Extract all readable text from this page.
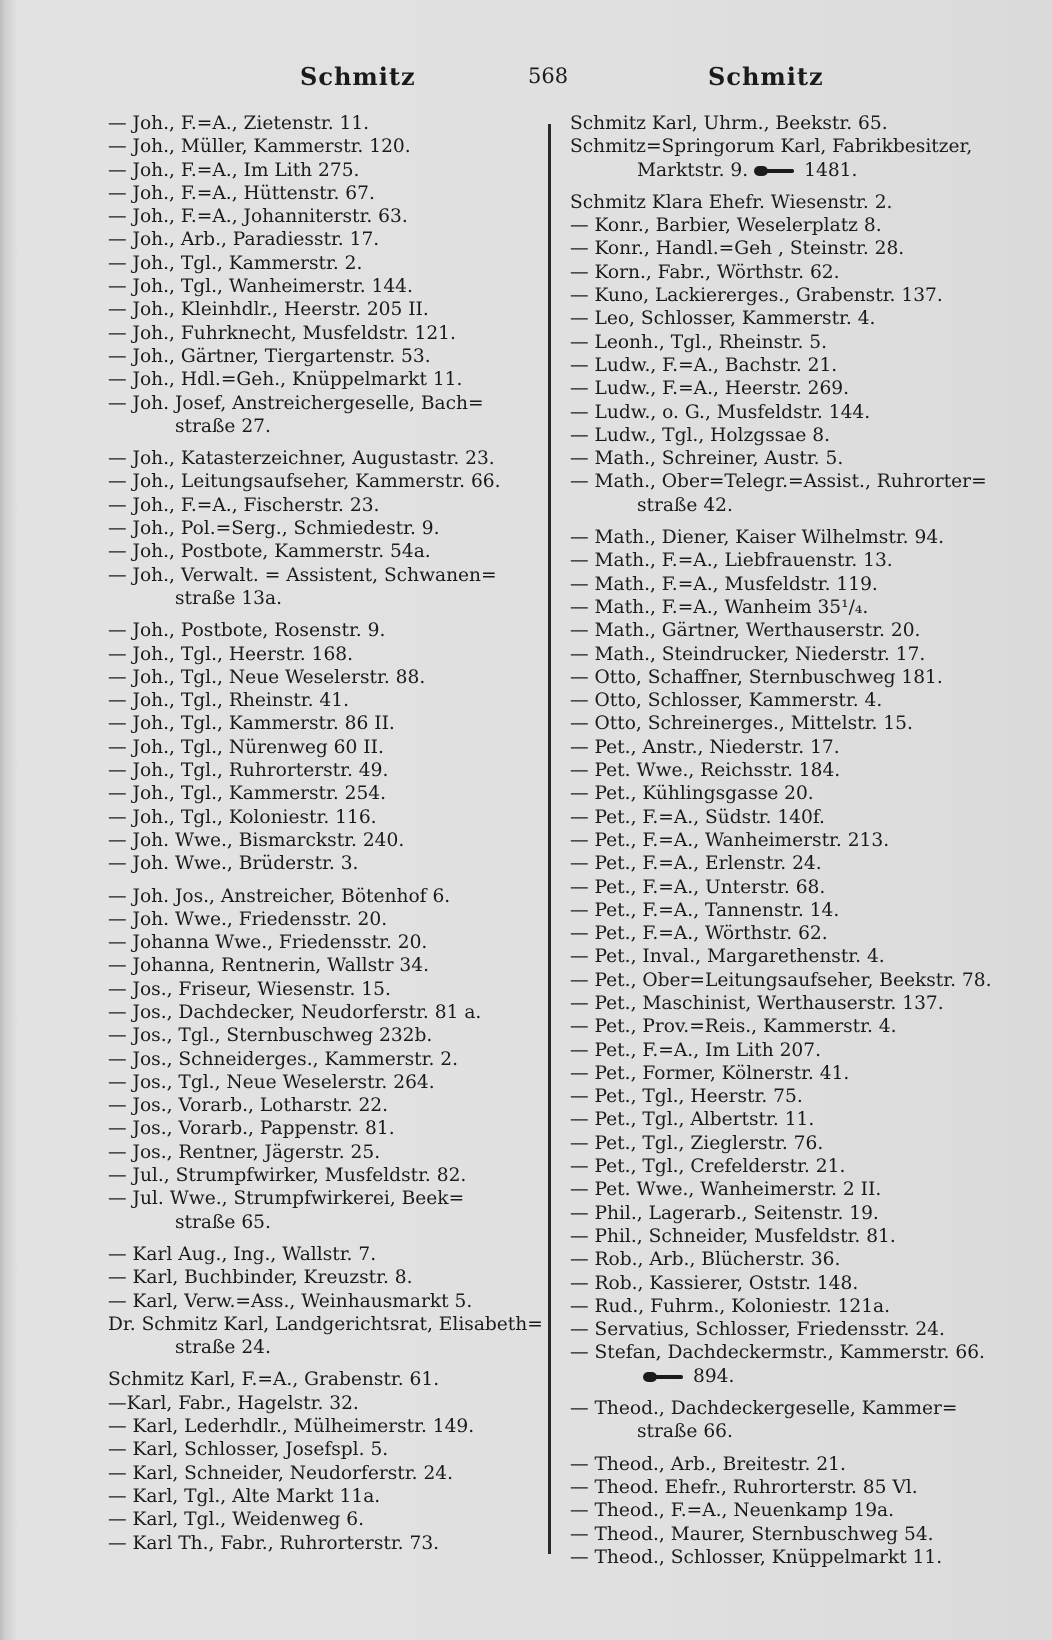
Schmitz	568	Schmitz
— Joh., F.=A., Zietenstr. 11.
— Joh., Müller, Kammerstr. 120.
— Joh., F.=A., Im Lith 275.
— Joh., F.=A., Hüttenstr. 67.
— Joh., F.=A., Johanniterstr. 63.
— Joh., Arb., Paradiesstr. 17.
— Joh., Tgl., Kammerstr. 2.
— Joh., Tgl., Wanheimerstr. 144.
— Joh., Kleinhdlr., Heerstr. 205 II.
— Joh., Fuhrknecht, Musfeldstr. 121.
— Joh., Gärtner, Tiergartenstr. 53.
— Joh., Hdl.=Geh., Knüppelmarkt 11.
— Joh. Josef, Anstreichergeselle, Bach=
straße 27.
— Joh., Katasterzeichner, Augustastr. 23.
— Joh., Leitungsaufseher, Kammerstr. 66.
— Joh., F.=A., Fischerstr. 23.
— Joh., Pol.=Serg., Schmiedestr. 9.
— Joh., Postbote, Kammerstr. 54a.
— Joh., Verwalt. = Assistent, Schwanen=
straße 13a.
— Joh., Postbote, Rosenstr. 9.
— Joh., Tgl., Heerstr. 168.
— Joh., Tgl., Neue Weselerstr. 88.
— Joh., Tgl., Rheinstr. 41.
— Joh., Tgl., Kammerstr. 86 II.
— Joh., Tgl., Nürenweg 60 II.
— Joh., Tgl., Ruhrorterstr. 49.
— Joh., Tgl., Kammerstr. 254.
— Joh., Tgl., Koloniestr. 116.
— Joh. Wwe., Bismarckstr. 240.
— Joh. Wwe., Brüderstr. 3.
— Joh. Jos., Anstreicher, Bötenhof 6.
— Joh. Wwe., Friedensstr. 20.
— Johanna Wwe., Friedensstr. 20.
— Johanna, Rentnerin, Wallstr 34.
— Jos., Friseur, Wiesenstr. 15.
— Jos., Dachdecker, Neudorferstr. 81 a.
— Jos., Tgl., Sternbuschweg 232b.
— Jos., Schneiderges., Kammerstr. 2.
— Jos., Tgl., Neue Weselerstr. 264.
— Jos., Vorarb., Lotharstr. 22.
— Jos., Vorarb., Pappenstr. 81.
— Jos., Rentner, Jägerstr. 25.
— Jul., Strumpfwirker, Musfeldstr. 82.
— Jul. Wwe., Strumpfwirkerei, Beek=
straße 65.
— Karl Aug., Ing., Wallstr. 7.
— Karl, Buchbinder, Kreuzstr. 8.
— Karl, Verw.=Ass., Weinhausmarkt 5.
Dr. Schmitz Karl, Landgerichtsrat, Elisabeth=
straße 24.
Schmitz Karl, F.=A., Grabenstr. 61.
—Karl, Fabr., Hagelstr. 32.
— Karl, Lederhdlr., Mülheimerstr. 149.
— Karl, Schlosser, Josefspl. 5.
— Karl, Schneider, Neudorferstr. 24.
— Karl, Tgl., Alte Markt 11a.
— Karl, Tgl., Weidenweg 6.
— Karl Th., Fabr., Ruhrorterstr. 73.
Schmitz Karl, Uhrm., Beekstr. 65.
Schmitz=Springorum Karl, Fabrikbesitzer,
Marktstr. 9.	1481.
Schmitz Klara Ehefr. Wiesenstr. 2.
— Konr., Barbier, Weselerplatz 8.
— Konr., Handl.=Geh , Steinstr. 28.
— Korn., Fabr., Wörthstr. 62.
— Kuno, Lackiererges., Grabenstr. 137.
— Leo, Schlosser, Kammerstr. 4.
— Leonh., Tgl., Rheinstr. 5.
— Ludw., F.=A., Bachstr. 21.
— Ludw., F.=A., Heerstr. 269.
— Ludw., o. G., Musfeldstr. 144.
— Ludw., Tgl., Holzgssae 8.
— Math., Schreiner, Austr. 5.
— Math., Ober=Telegr.=Assist., Ruhrorter=
straße 42.
— Math., Diener, Kaiser Wilhelmstr. 94.
— Math., F.=A., Liebfrauenstr. 13.
— Math., F.=A., Musfeldstr. 119.
— Math., F.=A., Wanheim 35¹/₄.
— Math., Gärtner, Werthauserstr. 20.
— Math., Steindrucker, Niederstr. 17.
— Otto, Schaffner, Sternbuschweg 181.
— Otto, Schlosser, Kammerstr. 4.
— Otto, Schreinerges., Mittelstr. 15.
— Pet., Anstr., Niederstr. 17.
— Pet. Wwe., Reichsstr. 184.
— Pet., Kühlingsgasse 20.
— Pet., F.=A., Südstr. 140f.
— Pet., F.=A., Wanheimerstr. 213.
— Pet., F.=A., Erlenstr. 24.
— Pet., F.=A., Unterstr. 68.
— Pet., F.=A., Tannenstr. 14.
— Pet., F.=A., Wörthstr. 62.
— Pet., Inval., Margarethenstr. 4.
— Pet., Ober=Leitungsaufseher, Beekstr. 78.
— Pet., Maschinist, Werthauserstr. 137.
— Pet., Prov.=Reis., Kammerstr. 4.
— Pet., F.=A., Im Lith 207.
— Pet., Former, Kölnerstr. 41.
— Pet., Tgl., Heerstr. 75.
— Pet., Tgl., Albertstr. 11.
— Pet., Tgl., Zieglerstr. 76.
— Pet., Tgl., Crefelderstr. 21.
— Pet. Wwe., Wanheimerstr. 2 II.
— Phil., Lagerarb., Seitenstr. 19.
— Phil., Schneider, Musfeldstr. 81.
— Rob., Arb., Blücherstr. 36.
— Rob., Kassierer, Oststr. 148.
— Rud., Fuhrm., Koloniestr. 121a.
— Servatius, Schlosser, Friedensstr. 24.
— Stefan, Dachdeckermstr., Kammerstr. 66.
894.
— Theod., Dachdeckergeselle, Kammer=
straße 66.
— Theod., Arb., Breitestr. 21.
— Theod. Ehefr., Ruhrorterstr. 85 Vl.
— Theod., F.=A., Neuenkamp 19a.
— Theod., Maurer, Sternbuschweg 54.
— Theod., Schlosser, Knüppelmarkt 11.
